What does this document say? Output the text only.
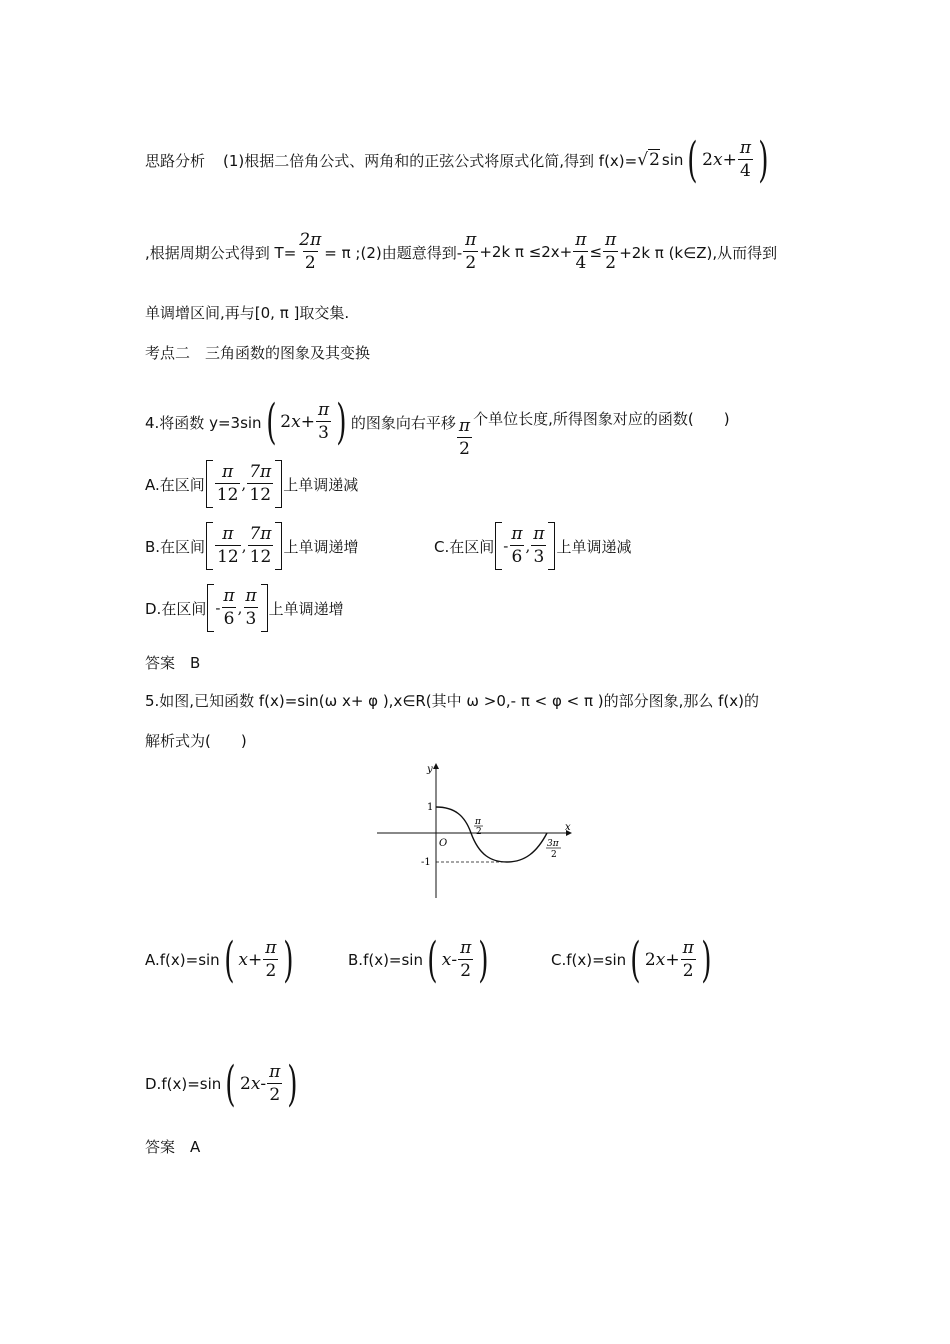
思路分析 (1)根据二倍角公式、两角和的正弦公式将原式化简,得到 f(x)= √2 sin ( 2 $x + \frac{\pi}{4}$ )
,根据周期公式得到 $T= \frac{2\pi}{2} = \pi$ ;(2)由题意得到- $\frac{\pi}{2} +2k$ $\pi \le 2x+ \frac{\pi}{4} \le \frac{\pi}{2} +2k$ π (k∈Z),从而得到
单调增区间,再与[0, π ]取交集.
考点二　三角函数的图象及其变换
4.将函数 y=3sin ( 2 $x + \frac{\pi}{3}$ ) 的图象向右平移 $\frac{\pi}{2}$ 个单位长度,所得图象对应的函数(　　)
A.在区间 $\frac{\pi}{12}$ , $\frac{7\pi}{12}$ 上单调递减
B.在区间 $\frac{\pi}{12}$ , $\frac{7\pi}{12}$ 上单调递增	C.在区间 - $\frac{\pi}{6}$ , $\frac{\pi}{3}$ 上单调递减
D.在区间 - $\frac{\pi}{6}$ , $\frac{\pi}{3}$ 上单调递增
答案　B
5.如图,已知函数 f(x)=sin(ω x+ φ ),x∈R(其中 ω >0,- π < φ < π )的部分图象,那么 f(x)的
解析式为(　　)
y
x
O
1
-1
π
2
3π
2
A. f(x)=sin ( $x + \frac{\pi}{2}$ )	B. f(x)=sin ( x - $\frac{\pi}{2}$ )	C. f(x)=sin ( 2 $x + \frac{\pi}{2}$ )
D. f(x)=sin ( 2 x - $\frac{\pi}{2}$ )
答案　A
